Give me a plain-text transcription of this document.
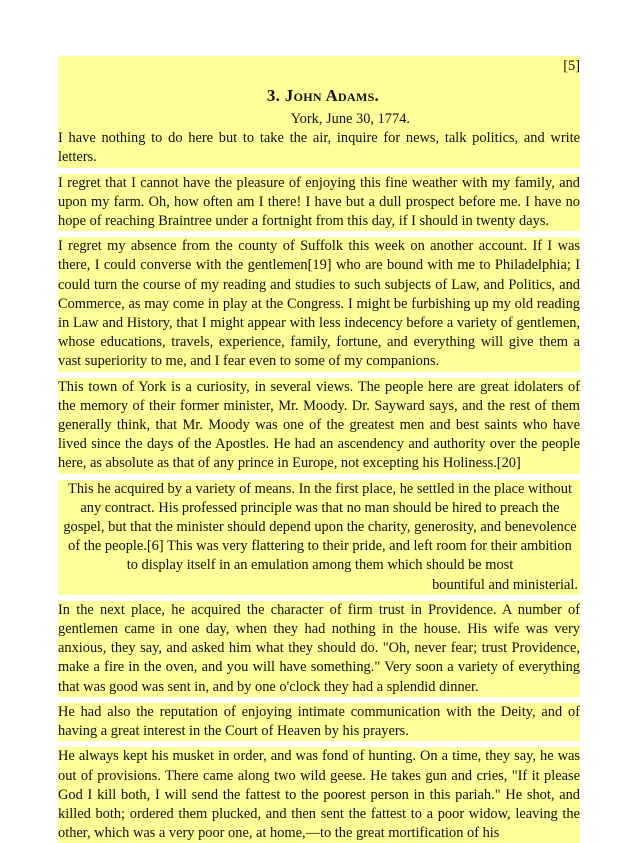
[5]

3. John Adams.

York, June 30, 1774.

I have nothing to do here but to take the air, inquire for news, talk politics, and write letters.

I regret that I cannot have the pleasure of enjoying this fine weather with my family, and upon my farm. Oh, how often am I there! I have but a dull prospect before me. I have no hope of reaching Braintree under a fortnight from this day, if I should in twenty days.

I regret my absence from the county of Suffolk this week on another account. If I was there, I could converse with the gentlemen[19] who are bound with me to Philadelphia; I could turn the course of my reading and studies to such subjects of Law, and Politics, and Commerce, as may come in play at the Congress. I might be furbishing up my old reading in Law and History, that I might appear with less indecency before a variety of gentlemen, whose educations, travels, experience, family, fortune, and everything will give them a vast superiority to me, and I fear even to some of my companions.

This town of York is a curiosity, in several views. The people here are great idolaters of the memory of their former minister, Mr. Moody. Dr. Sayward says, and the rest of them generally think, that Mr. Moody was one of the greatest men and best saints who have lived since the days of the Apostles. He had an ascendency and authority over the people here, as absolute as that of any prince in Europe, not excepting his Holiness.[20]

This he acquired by a variety of means. In the first place, he settled in the place without any contract. His professed principle was that no man should be hired to preach the gospel, but that the minister should depend upon the charity, generosity, and benevolence of the people.[6] This was very flattering to their pride, and left room for their ambition to display itself in an emulation among them which should be most
bountiful and ministerial.

In the next place, he acquired the character of firm trust in Providence. A number of gentlemen came in one day, when they had nothing in the house. His wife was very anxious, they say, and asked him what they should do. "Oh, never fear; trust Providence, make a fire in the oven, and you will have something." Very soon a variety of everything that was good was sent in, and by one o'clock they had a splendid dinner.

He had also the reputation of enjoying intimate communication with the Deity, and of having a great interest in the Court of Heaven by his prayers.

He always kept his musket in order, and was fond of hunting. On a time, they say, he was out of provisions. There came along two wild geese. He takes gun and cries, "If it please God I kill both, I will send the fattest to the poorest person in this pariah." He shot, and killed both; ordered them plucked, and then sent the fattest to a poor widow, leaving the other, which was a very poor one, at home,—to the great mortification of his
